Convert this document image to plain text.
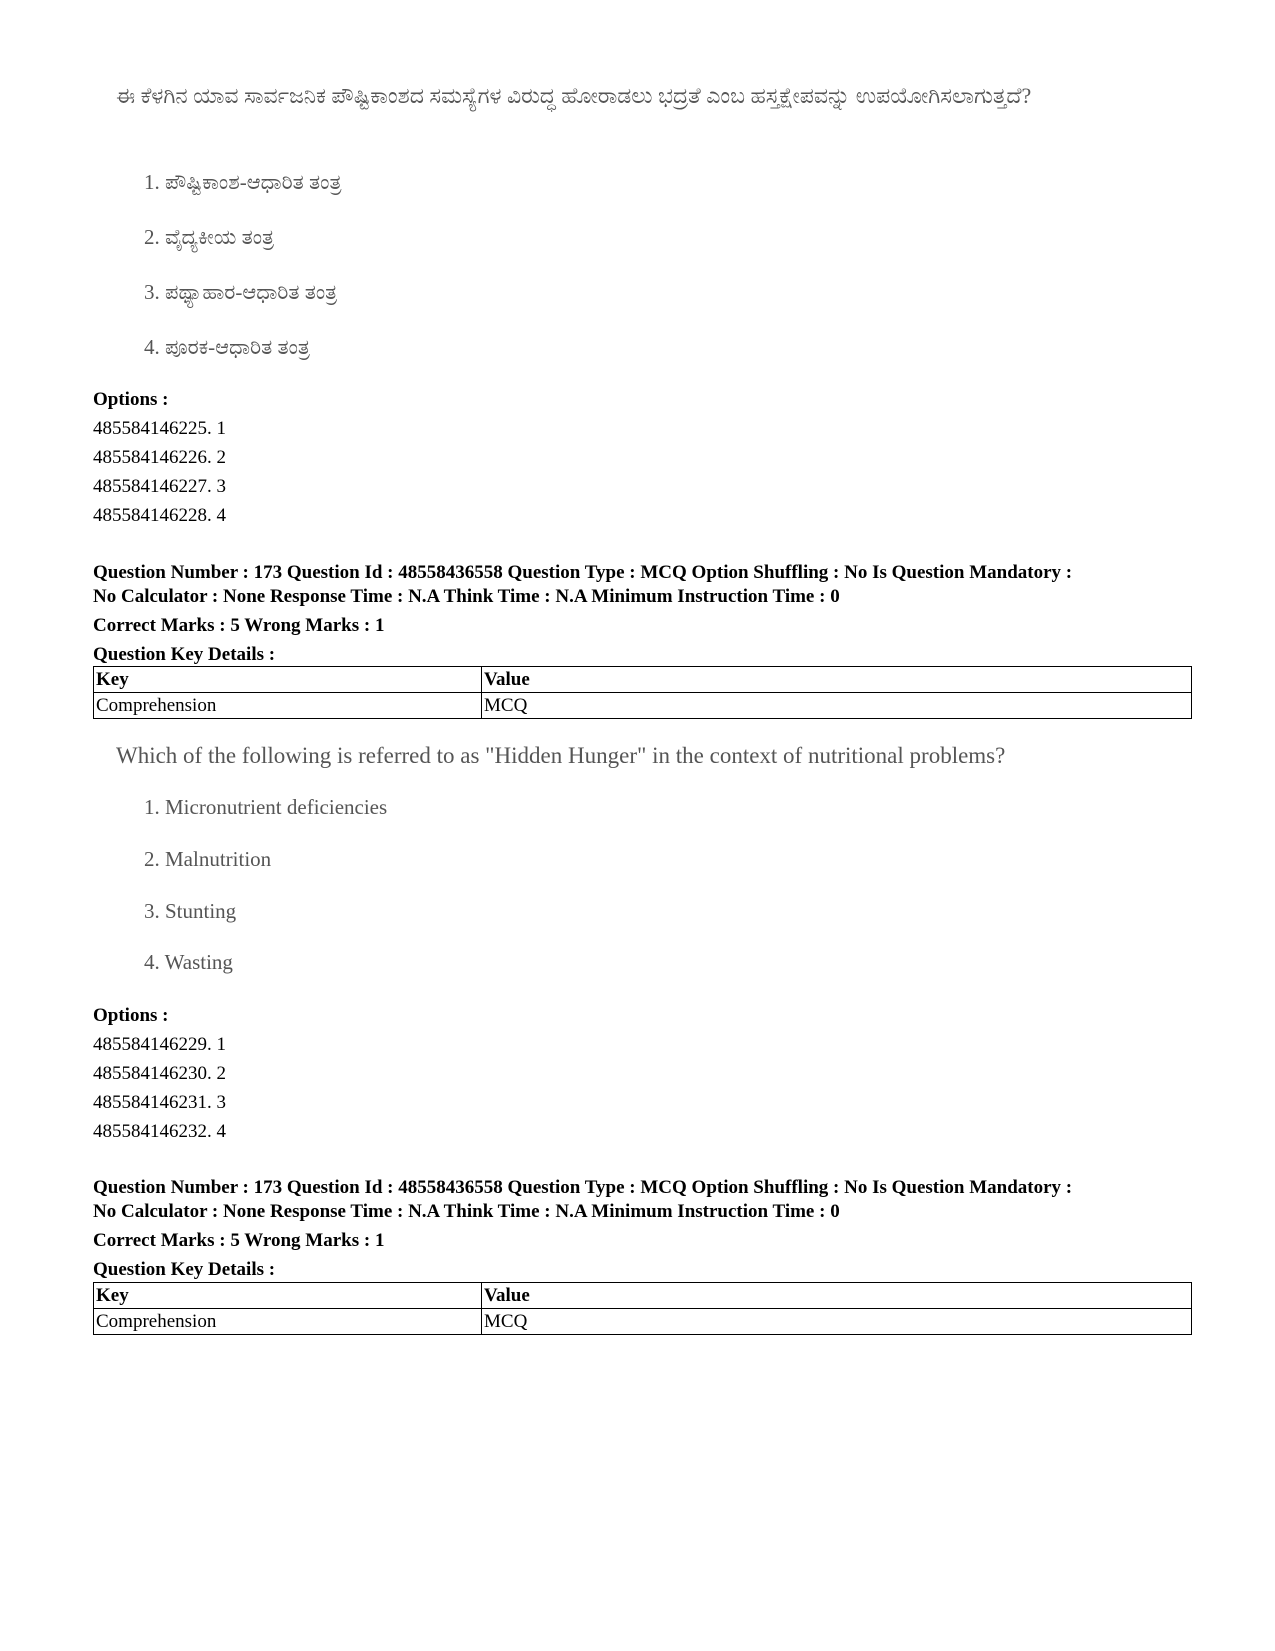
ಈ ಕೆಳಗಿನ ಯಾವ ಸಾರ್ವಜನಿಕ ಪೌಷ್ಟಿಕಾಂಶದ ಸಮಸ್ಯೆಗಳ ವಿರುದ್ಧ ಹೋರಾಡಲು ಭದ್ರತೆ ಎಂಬ ಹಸ್ತಕ್ಷೇಪವನ್ನು ಉಪಯೋಗಿಸಲಾಗುತ್ತದೆ?
1. ಪೌಷ್ಟಿಕಾಂಶ-ಆಧಾರಿತ ತಂತ್ರ
2. ವೈದ್ಯಕೀಯ ತಂತ್ರ
3. ಪಥ್ಯಾಹಾರ-ಆಧಾರಿತ ತಂತ್ರ
4. ಪೂರಕ-ಆಧಾರಿತ ತಂತ್ರ
Options :
485584146225. 1
485584146226. 2
485584146227. 3
485584146228. 4
Question Number : 173 Question Id : 48558436558 Question Type : MCQ Option Shuffling : No Is Question Mandatory :
No Calculator : None Response Time : N.A Think Time : N.A Minimum Instruction Time : 0
Correct Marks : 5 Wrong Marks : 1
Question Key Details :
Key	Value
Comprehension	MCQ
Which of the following is referred to as "Hidden Hunger" in the context of nutritional problems?
1. Micronutrient deficiencies
2. Malnutrition
3. Stunting
4. Wasting
Options :
485584146229. 1
485584146230. 2
485584146231. 3
485584146232. 4
Question Number : 173 Question Id : 48558436558 Question Type : MCQ Option Shuffling : No Is Question Mandatory :
No Calculator : None Response Time : N.A Think Time : N.A Minimum Instruction Time : 0
Correct Marks : 5 Wrong Marks : 1
Question Key Details :
Key	Value
Comprehension	MCQ
